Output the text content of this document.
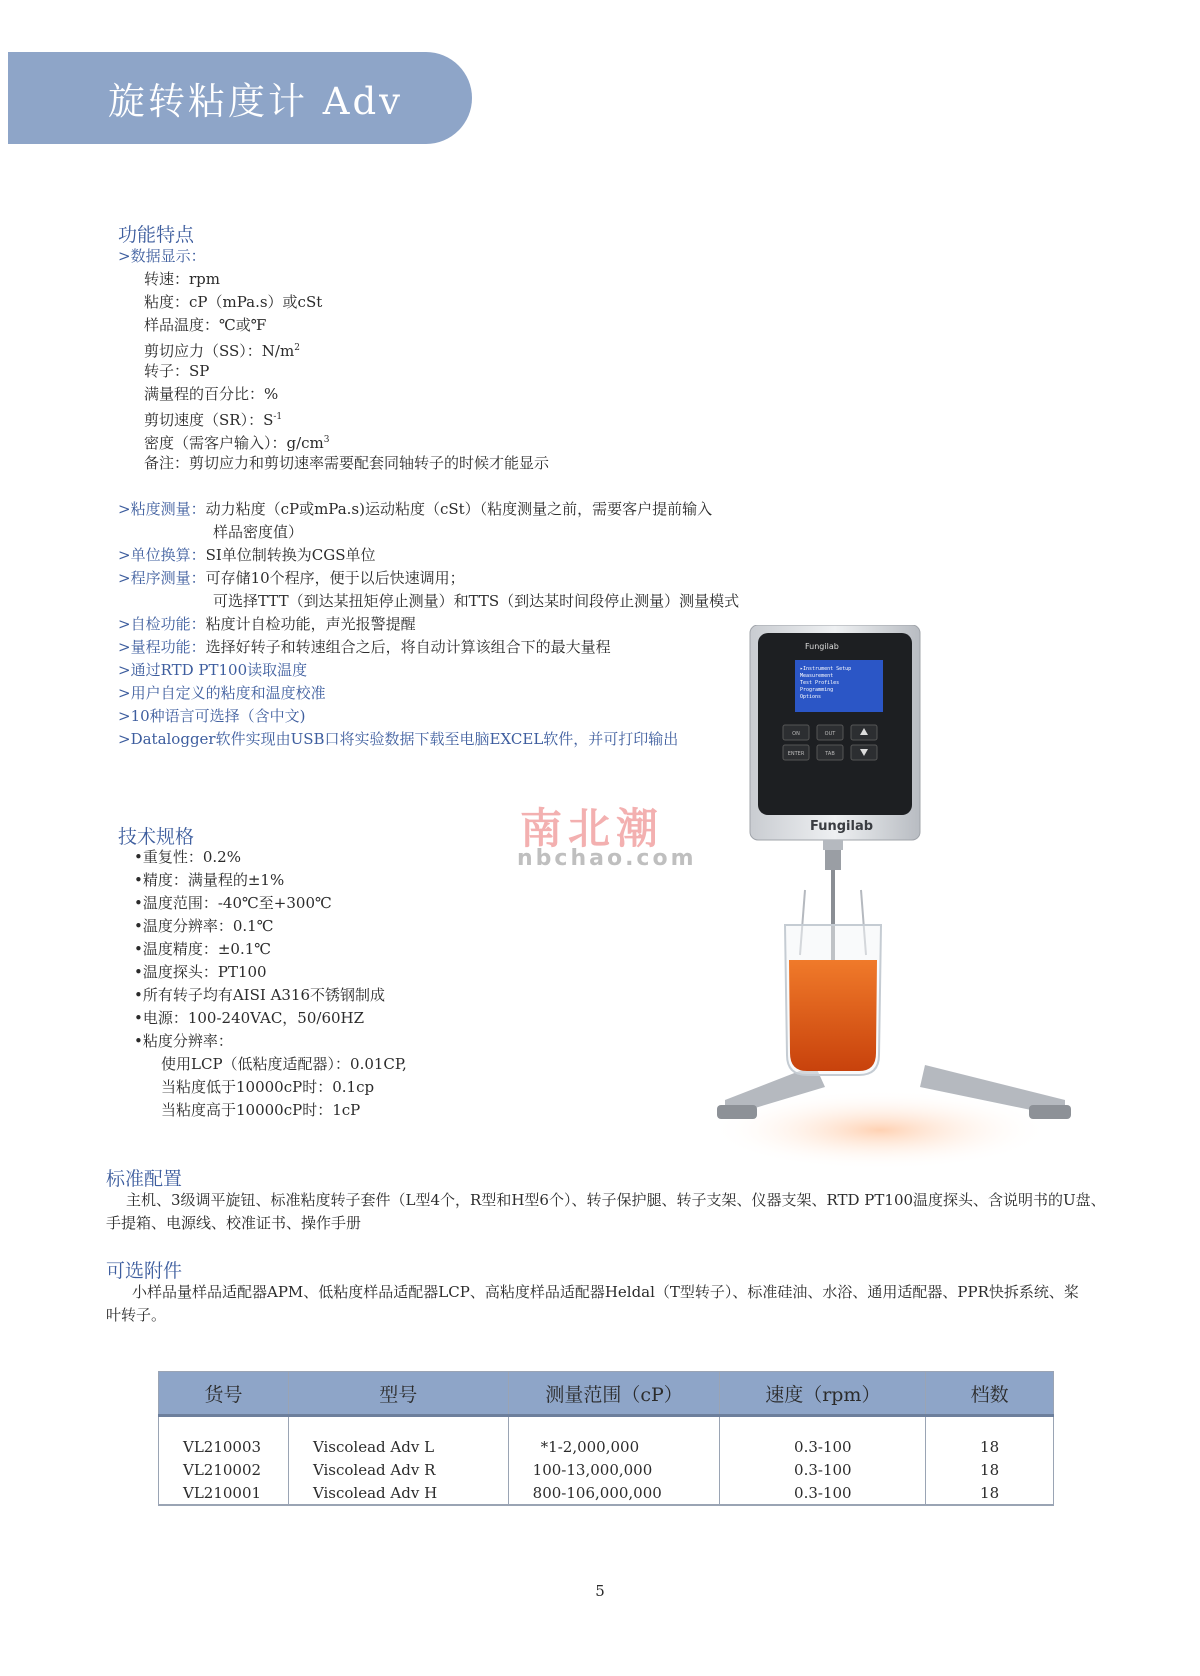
旋转粘度计 Adv
功能特点
>数据显示：
转速：rpm
粘度：cP（mPa.s）或cSt
样品温度：℃或℉
剪切应力（SS）：$N/m^2$
转子：SP
满量程的百分比：%
剪切速度（SR）：$S^{-1}$
密度（需客户输入）：$g/cm^3$
备注：剪切应力和剪切速率需要配套同轴转子的时候才能显示
>粘度测量：动力粘度（cP或mPa.s)运动粘度（cSt）（粘度测量之前，需要客户提前输入
样品密度值）
>单位换算：SI单位制转换为CGS单位
>程序测量：可存储10个程序，便于以后快速调用；
可选择TTT（到达某扭矩停止测量）和TTS（到达某时间段停止测量）测量模式
>自检功能：粘度计自检功能，声光报警提醒
>量程功能：选择好转子和转速组合之后，将自动计算该组合下的最大量程
>通过RTD PT100读取温度
>用户自定义的粘度和温度校准
>10种语言可选择（含中文)
>Datalogger软件实现由USB口将实验数据下载至电脑EXCEL软件，并可打印输出
技术规格
•重复性：0.2%
•精度：满量程的±1%
•温度范围：-40℃至+300℃
•温度分辨率：0.1℃
•温度精度：±0.1℃
•温度探头：PT100
•所有转子均有AISI A316不锈钢制成
•电源：100-240VAC，50/60HZ
•粘度分辨率：
使用LCP（低粘度适配器）：0.01CP,
当粘度低于10000cP时：0.1cp
当粘度高于10000cP时：1cP
南北潮
nbchao.com
Fungilab
▸Instrument Setup
Measurement
Test Profiles
Programming
Options
ON	OUT
ENTER	TAB
Fungilab
标准配置
主机、3级调平旋钮、标准粘度转子套件（L型4个，R型和H型6个）、转子保护腿、转子支架、仪器支架、RTD PT100温度探头、含说明书的U盘、手提箱、电源线、校准证书、操作手册
可选附件
小样品量样品适配器APM、低粘度样品适配器LCP、高粘度样品适配器Heldal（T型转子）、标准硅油、水浴、通用适配器、PPR快拆系统、桨叶转子。
货号	型号	测量范围（cP）	速度（rpm）	档数
VL210003	Viscolead Adv L	*1-2,000,000	0.3-100	18
VL210002	Viscolead Adv R	100-13,000,000	0.3-100	18
VL210001	Viscolead Adv H	800-106,000,000	0.3-100	18
5
